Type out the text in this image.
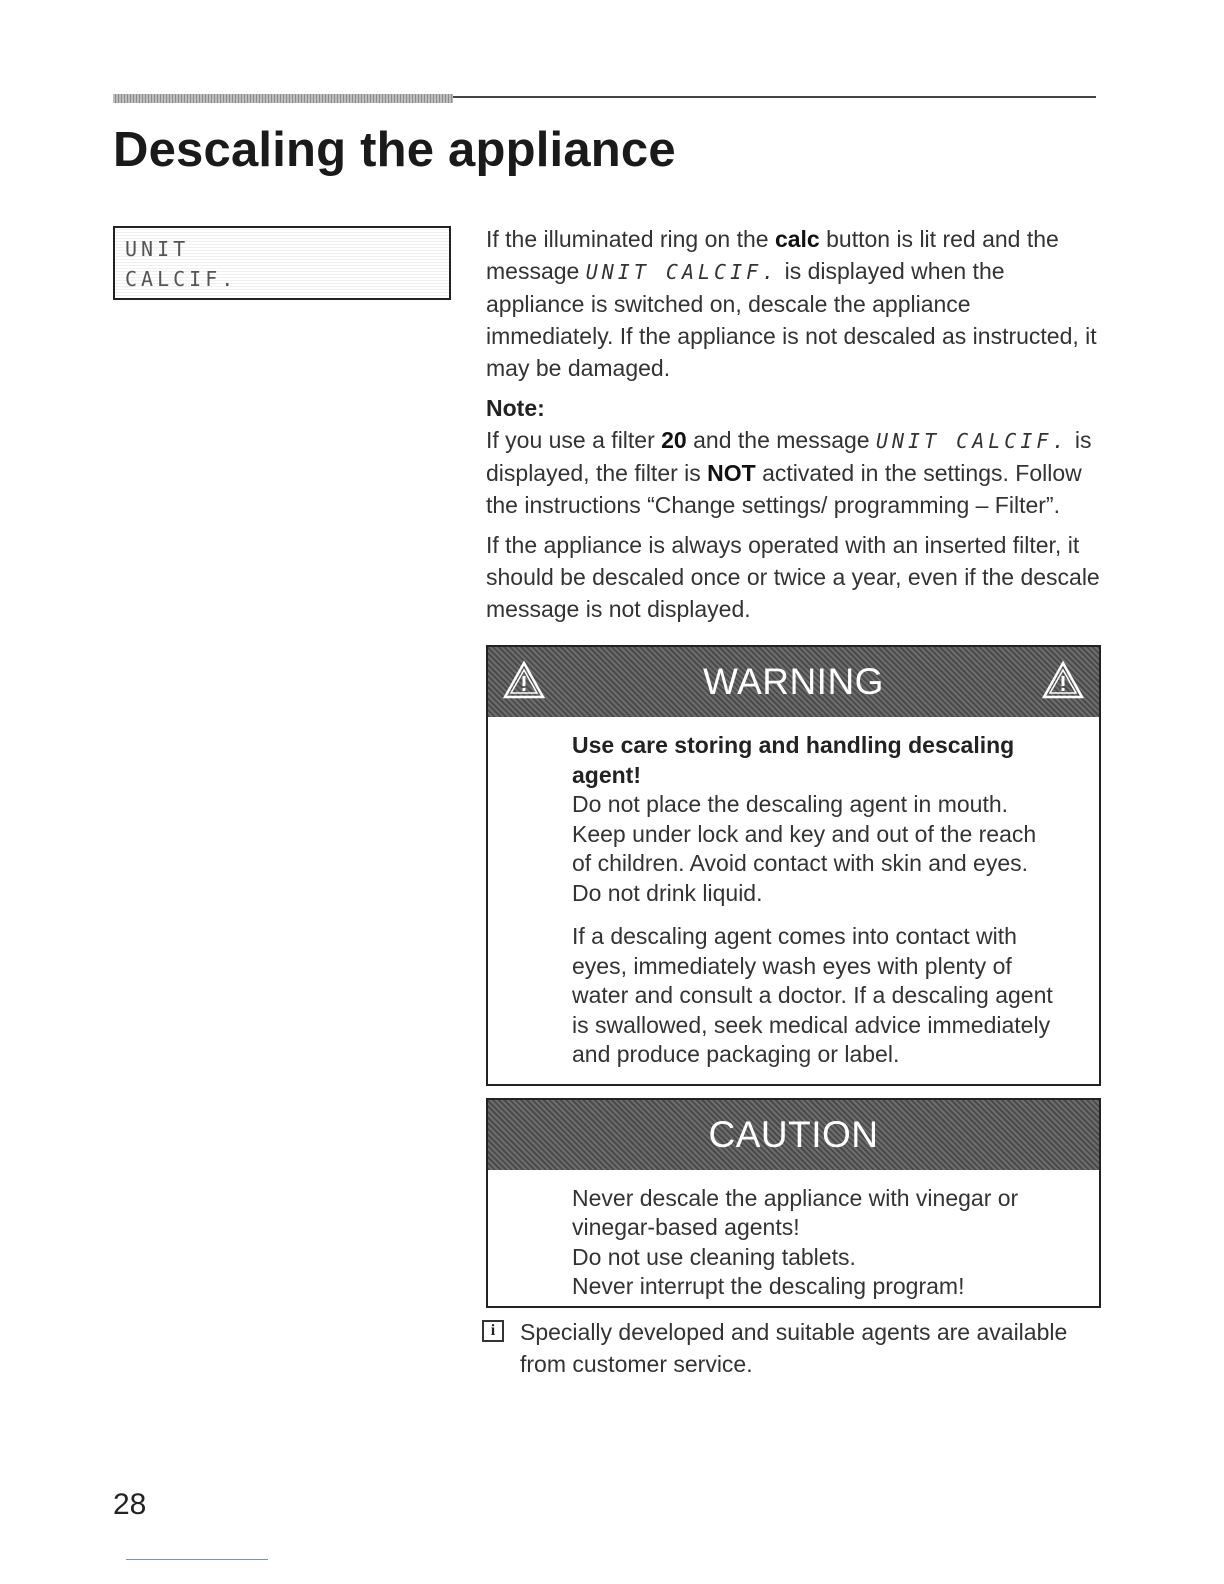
Descaling the appliance
UNIT
CALCIF.

If the illuminated ring on the calc button is lit red and the message UNIT CALCIF. is displayed when the appliance is switched on, descale the appliance immediately. If the appliance is not descaled as instructed, it may be damaged.

Note:
If you use a filter 20 and the message UNIT CALCIF. is displayed, the filter is NOT activated in the settings. Follow the instructions “Change settings/ programming – Filter”.

If the appliance is always operated with an inserted filter, it should be descaled once or twice a year, even if the descale message is not displayed.

WARNING

Use care storing and handling descaling agent!
Do not place the descaling agent in mouth. Keep under lock and key and out of the reach of children. Avoid contact with skin and eyes. Do not drink liquid.

If a descaling agent comes into contact with eyes, immediately wash eyes with plenty of water and consult a doctor. If a descaling agent is swallowed, seek medical advice immediately and produce packaging or label.

CAUTION
Never descale the appliance with vinegar or vinegar-based agents!
Do not use cleaning tablets.
Never interrupt the descaling program!
i	Specially developed and suitable agents are available from customer service.
28
